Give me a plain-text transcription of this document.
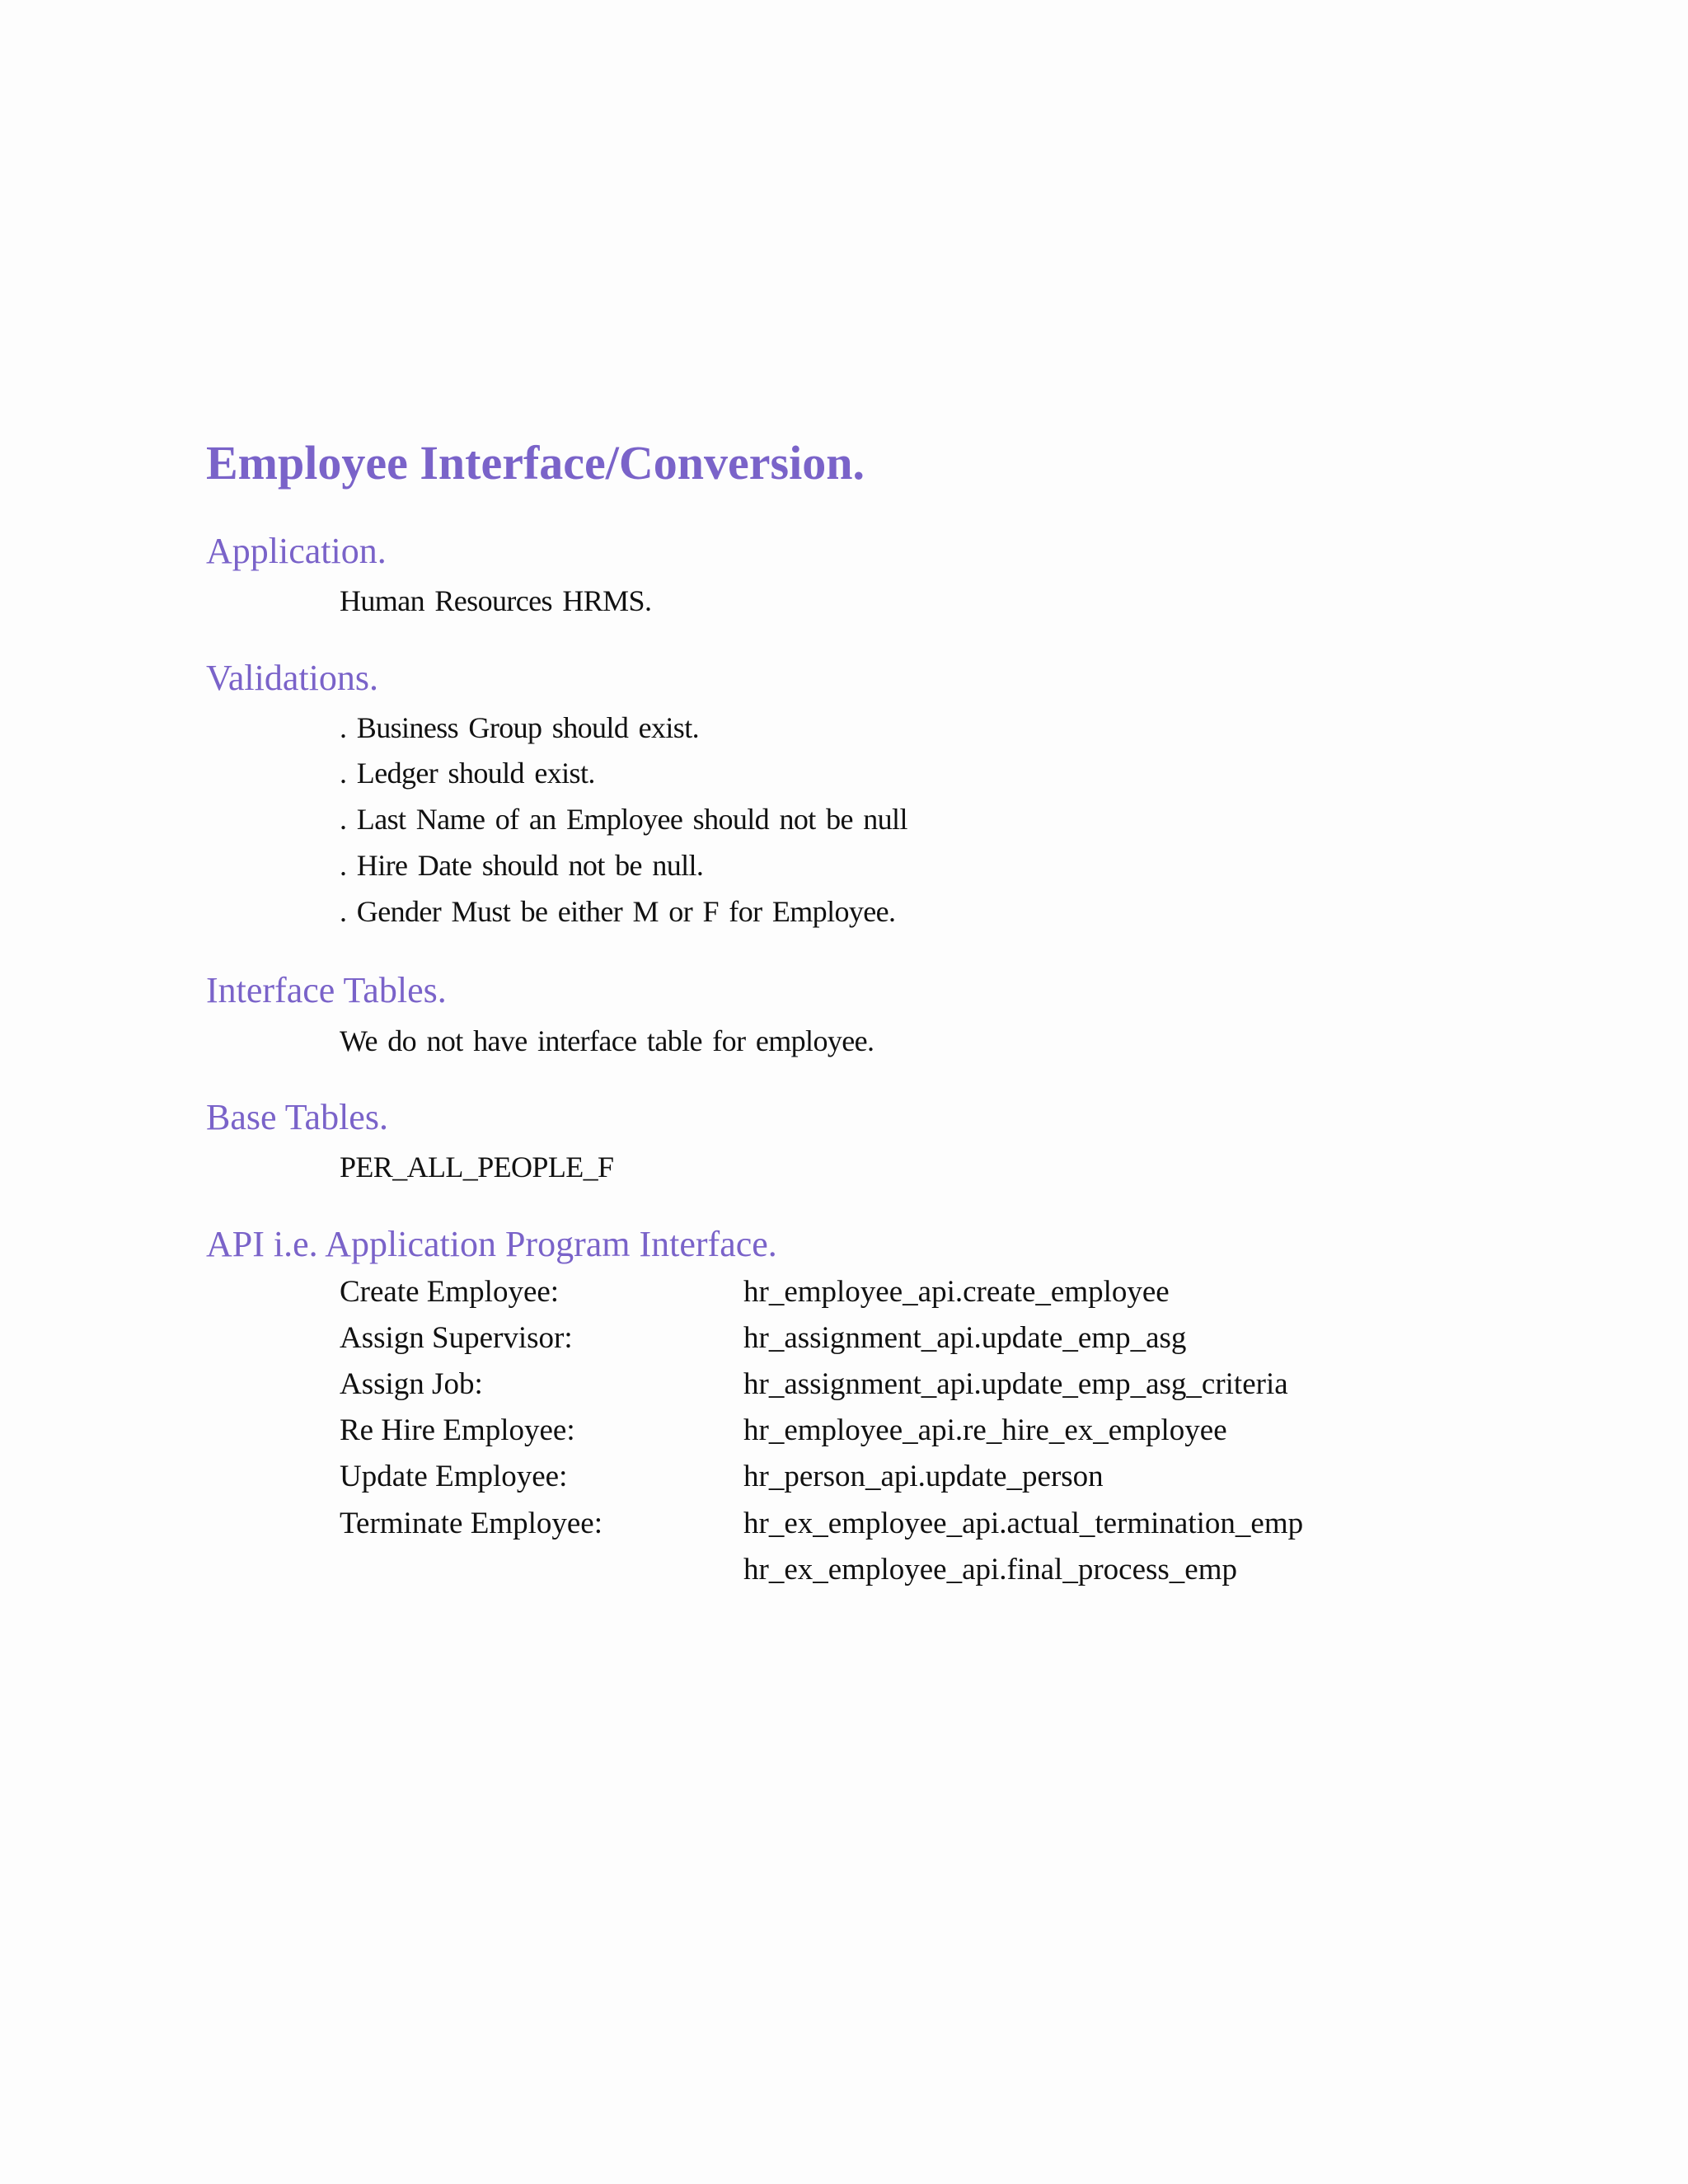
Employee Interface/Conversion.
Application.
Human Resources HRMS.
Validations.
. Business Group should exist.
. Ledger should exist.
. Last Name of an Employee should not be null
. Hire Date should not be null.
. Gender Must be either M or F for Employee.
Interface Tables.
We do not have interface table for employee.
Base Tables.
PER_ALL_PEOPLE_F
API i.e. Application Program Interface.
Create Employee:	hr_employee_api.create_employee
Assign Supervisor:	hr_assignment_api.update_emp_asg
Assign Job:	hr_assignment_api.update_emp_asg_criteria
Re Hire Employee:	hr_employee_api.re_hire_ex_employee
Update Employee:	hr_person_api.update_person
Terminate Employee:	hr_ex_employee_api.actual_termination_emp
hr_ex_employee_api.final_process_emp
